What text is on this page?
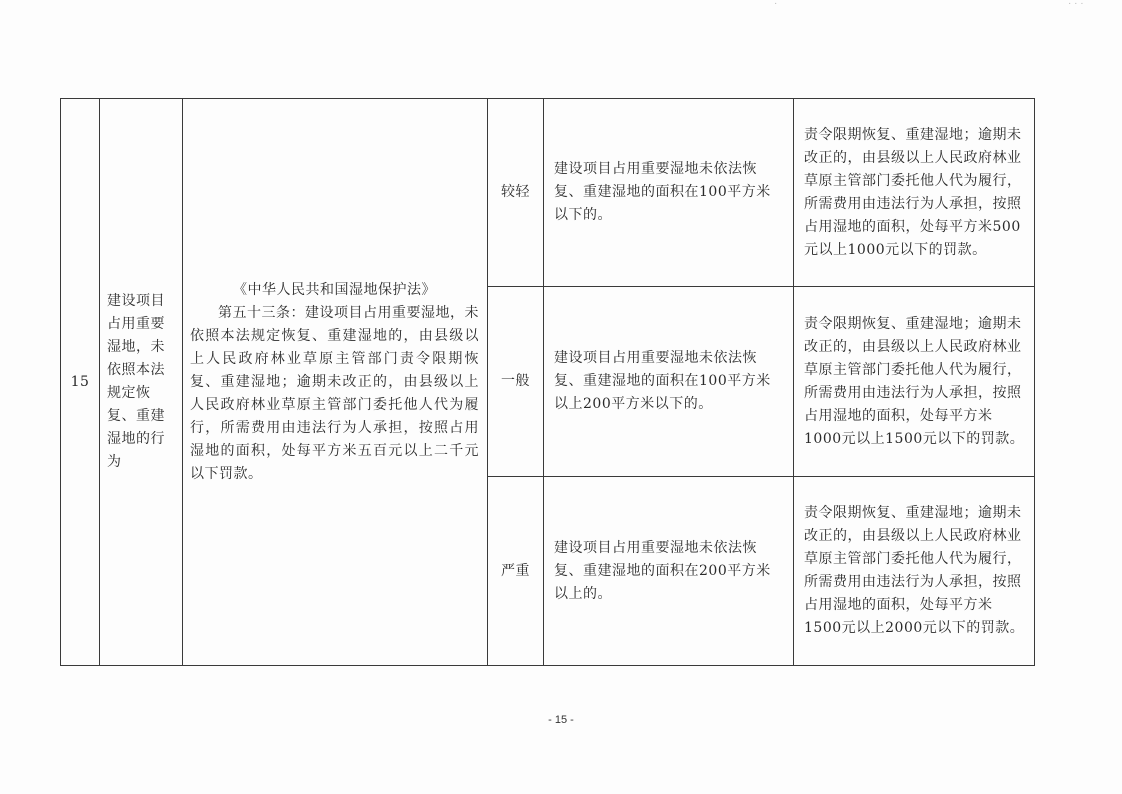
15	建设项目占用重要湿地，未依照本法规定恢复、重建湿地的行为	《中华人民共和国湿地保护法》
第五十三条：建设项目占用重要湿地，未依照本法规定恢复、重建湿地的，由县级以上人民政府林业草原主管部门责令限期恢复、重建湿地；逾期未改正的，由县级以上人民政府林业草原主管部门委托他人代为履行，所需费用由违法行为人承担，按照占用湿地的面积，处每平方米五百元以上二千元以下罚款。	较轻	建设项目占用重要湿地未依法恢复、重建湿地的面积在100平方米以下的。	责令限期恢复、重建湿地；逾期未改正的，由县级以上人民政府林业草原主管部门委托他人代为履行，所需费用由违法行为人承担，按照占用湿地的面积，处每平方米500元以上1000元以下的罚款。
			一般	建设项目占用重要湿地未依法恢复、重建湿地的面积在100平方米以上200平方米以下的。	责令限期恢复、重建湿地；逾期未改正的，由县级以上人民政府林业草原主管部门委托他人代为履行，所需费用由违法行为人承担，按照占用湿地的面积，处每平方米1000元以上1500元以下的罚款。
			严重	建设项目占用重要湿地未依法恢复、重建湿地的面积在200平方米以上的。	责令限期恢复、重建湿地；逾期未改正的，由县级以上人民政府林业草原主管部门委托他人代为履行，所需费用由违法行为人承担，按照占用湿地的面积，处每平方米1500元以上2000元以下的罚款。
- 15 -
· · ·
·
